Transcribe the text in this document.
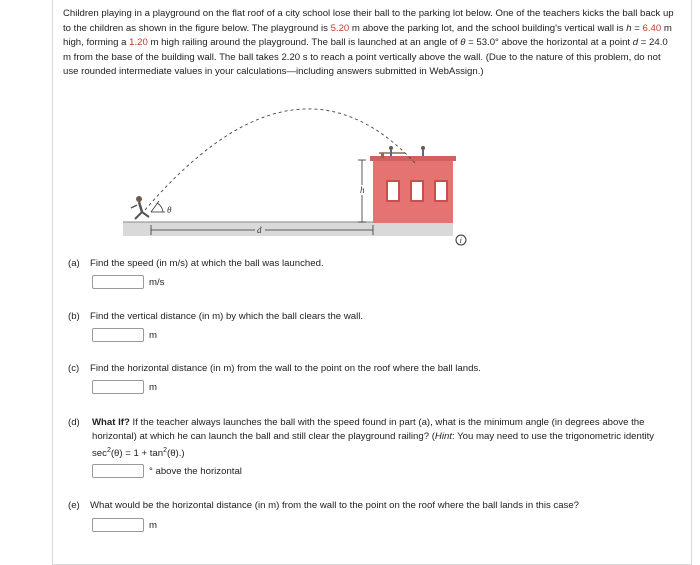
Children playing in a playground on the flat roof of a city school lose their ball to the parking lot below. One of the teachers kicks the ball back up to the children as shown in the figure below. The playground is 5.20 m above the parking lot, and the school building's vertical wall is h = 6.40 m high, forming a 1.20 m high railing around the playground. The ball is launched at an angle of θ = 53.0° above the horizontal at a point d = 24.0 m from the base of the building wall. The ball takes 2.20 s to reach a point vertically above the wall. (Due to the nature of this problem, do not use rounded intermediate values in your calculations—including answers submitted in WebAssign.)
θ
d
h
i
(a) Find the speed (in m/s) at which the ball was launched.
m/s
(b) Find the vertical distance (in m) by which the ball clears the wall.
m
(c) Find the horizontal distance (in m) from the wall to the point on the roof where the ball lands.
m
(d)	What If? If the teacher always launches the ball with the speed found in part (a), what is the minimum angle (in degrees above the horizontal) at which he can launch the ball and still clear the playground railing? (Hint: You may need to use the trigonometric identity $\sec^2(\theta) = 1 + \tan^2(\theta)$.)
° above the horizontal
(e) What would be the horizontal distance (in m) from the wall to the point on the roof where the ball lands in this case?
m
